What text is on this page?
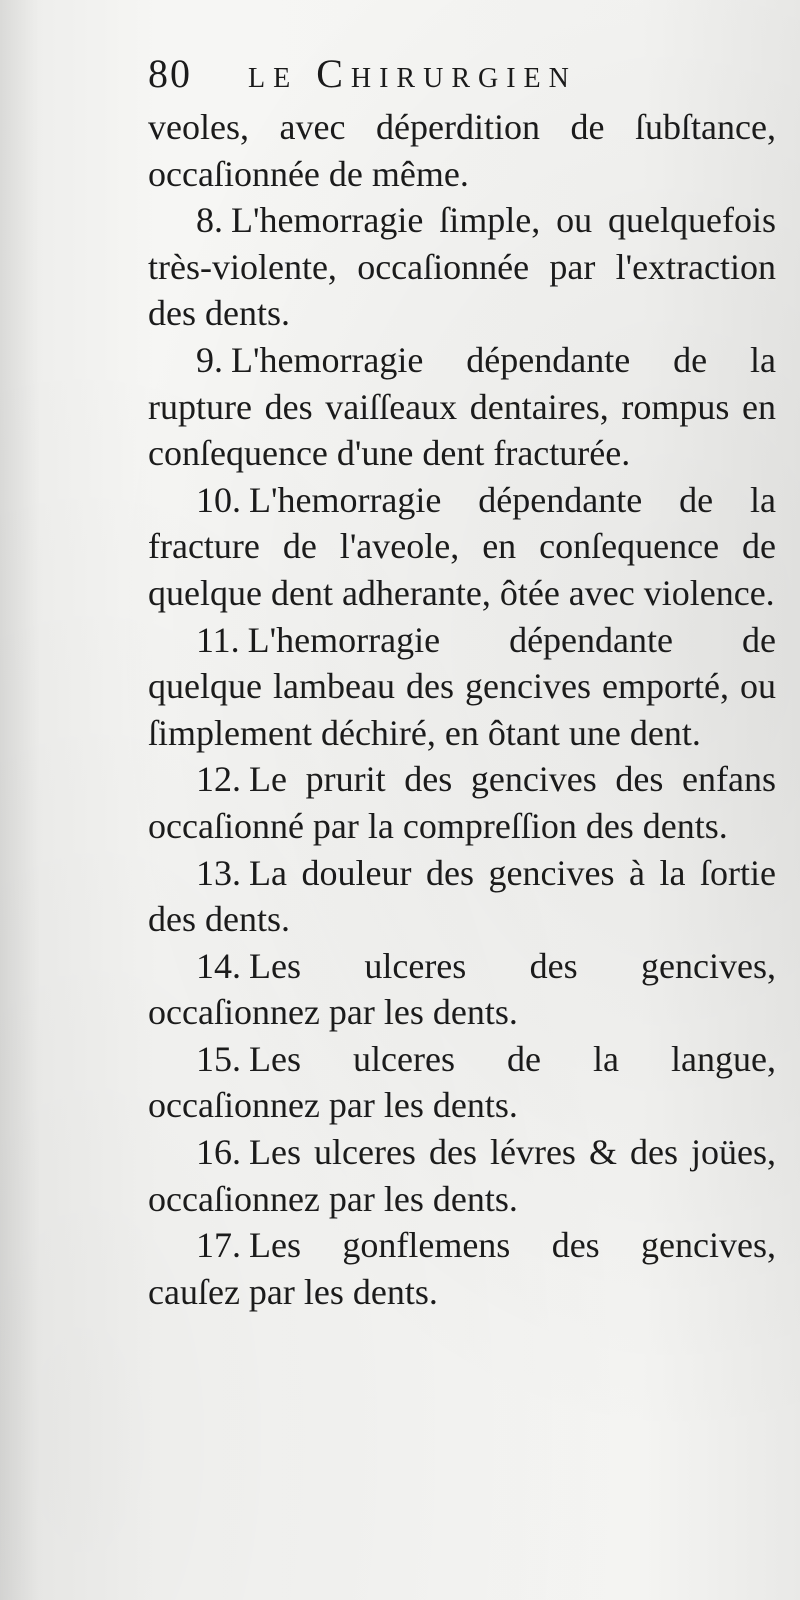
80	le Chirurgien

veoles, avec déperdition de ſubſtance, occaſionnée de même.

8. L'hemorragie ſimple, ou quelquefois très-violente, occaſionnée par l'extraction des dents.

9. L'hemorragie dépendante de la rupture des vaiſſeaux dentaires, rompus en conſequence d'une dent fracturée.

10. L'hemorragie dépendante de la fracture de l'aveole, en conſequence de quelque dent adherante, ôtée avec violence.

11. L'hemorragie dépendante de quelque lambeau des gencives emporté, ou ſimplement déchiré, en ôtant une dent.

12. Le prurit des gencives des enfans occaſionné par la compreſſion des dents.

13. La douleur des gencives à la ſortie des dents.

14. Les ulceres des gencives, occaſionnez par les dents.

15. Les ulceres de la langue, occaſionnez par les dents.

16. Les ulceres des lévres & des joües, occaſionnez par les dents.

17. Les gonflemens des gencives, cauſez par les dents.
